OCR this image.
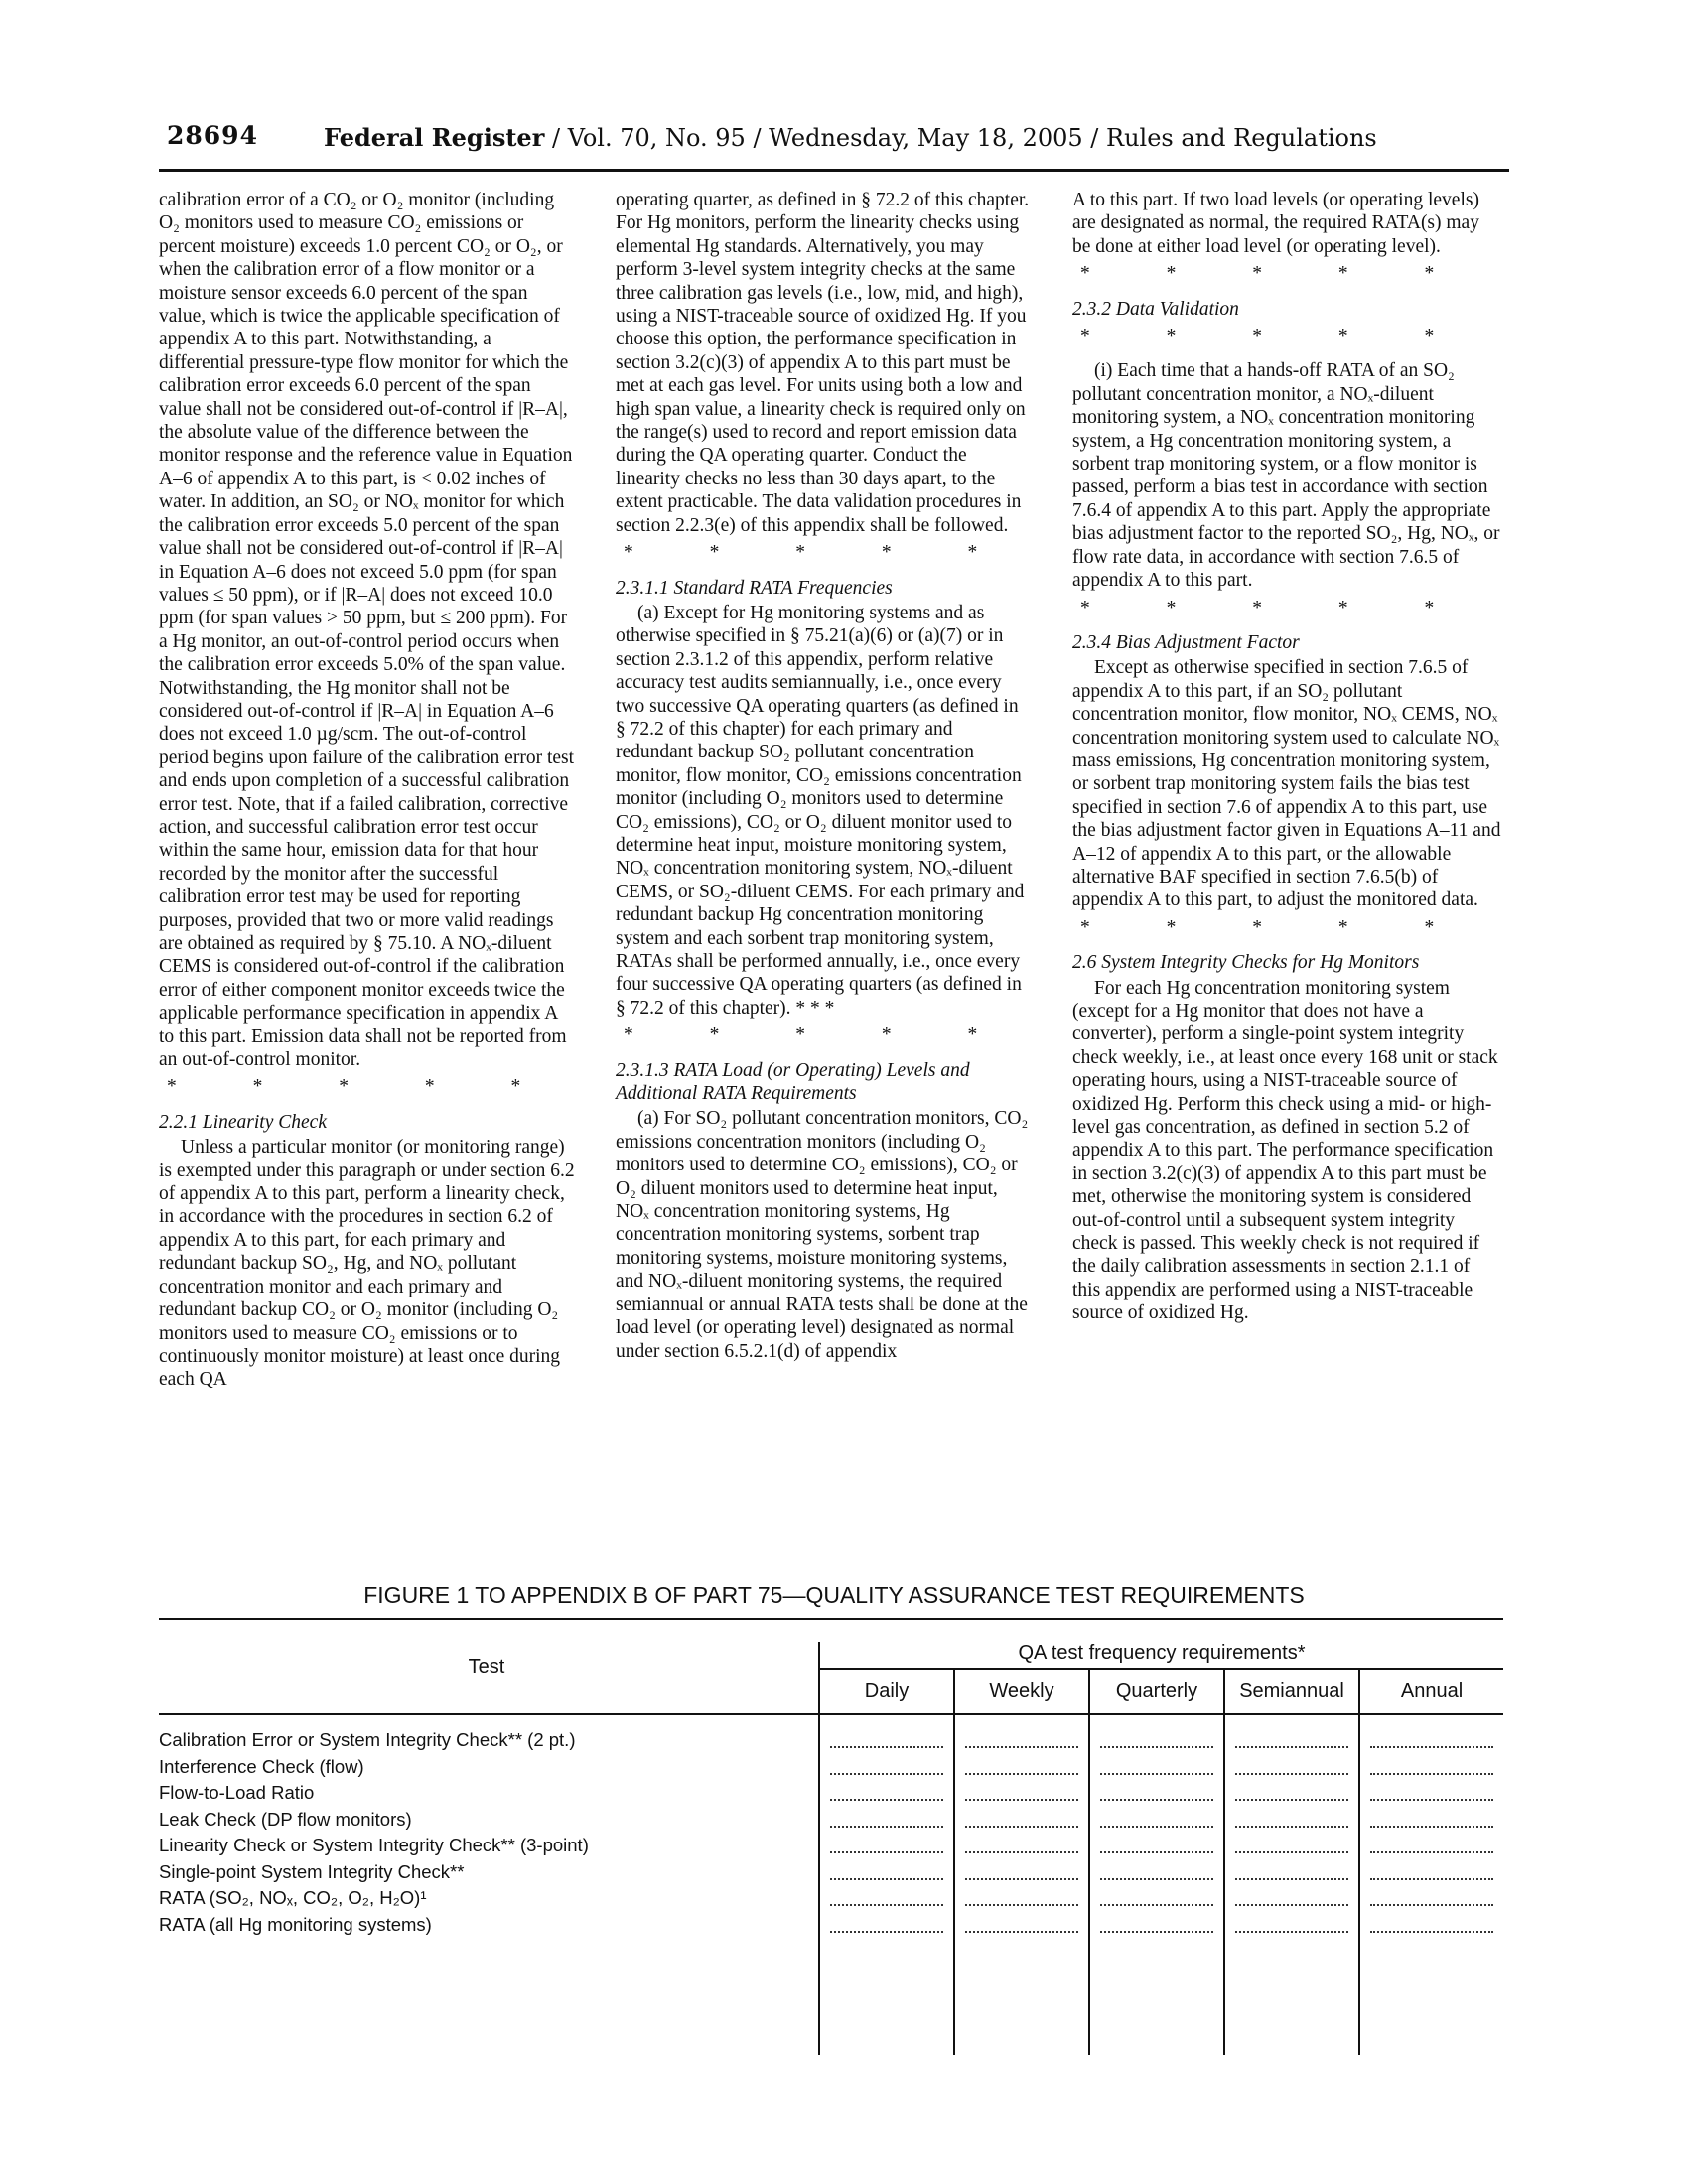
28694	Federal Register / Vol. 70, No. 95 / Wednesday, May 18, 2005 / Rules and Regulations

calibration error of a CO₂ or O₂ monitor (including O₂ monitors used to measure CO₂ emissions or percent moisture) exceeds 1.0 percent CO₂ or O₂, or when the calibration error of a flow monitor or a moisture sensor exceeds 6.0 percent of the span value, which is twice the applicable specification of appendix A to this part. Notwithstanding, a differential pressure-type flow monitor for which the calibration error exceeds 6.0 percent of the span value shall not be considered out-of-control if |R–A|, the absolute value of the difference between the monitor response and the reference value in Equation A–6 of appendix A to this part, is < 0.02 inches of water. In addition, an SO₂ or NOₓ monitor for which the calibration error exceeds 5.0 percent of the span value shall not be considered out-of-control if |R–A| in Equation A–6 does not exceed 5.0 ppm (for span values ≤ 50 ppm), or if |R–A| does not exceed 10.0 ppm (for span values > 50 ppm, but ≤ 200 ppm). For a Hg monitor, an out-of-control period occurs when the calibration error exceeds 5.0% of the span value. Notwithstanding, the Hg monitor shall not be considered out-of-control if |R–A| in Equation A–6 does not exceed 1.0 µg/scm. The out-of-control period begins upon failure of the calibration error test and ends upon completion of a successful calibration error test. Note, that if a failed calibration, corrective action, and successful calibration error test occur within the same hour, emission data for that hour recorded by the monitor after the successful calibration error test may be used for reporting purposes, provided that two or more valid readings are obtained as required by § 75.10. A NOₓ-diluent CEMS is considered out-of-control if the calibration error of either component monitor exceeds twice the applicable performance specification in appendix A to this part. Emission data shall not be reported from an out-of-control monitor.

* * * * *

2.2.1 Linearity Check

Unless a particular monitor (or monitoring range) is exempted under this paragraph or under section 6.2 of appendix A to this part, perform a linearity check, in accordance with the procedures in section 6.2 of appendix A to this part, for each primary and redundant backup SO₂, Hg, and NOₓ pollutant concentration monitor and each primary and redundant backup CO₂ or O₂ monitor (including O₂ monitors used to measure CO₂ emissions or to continuously monitor moisture) at least once during each QA

operating quarter, as defined in § 72.2 of this chapter. For Hg monitors, perform the linearity checks using elemental Hg standards. Alternatively, you may perform 3-level system integrity checks at the same three calibration gas levels (i.e., low, mid, and high), using a NIST-traceable source of oxidized Hg. If you choose this option, the performance specification in section 3.2(c)(3) of appendix A to this part must be met at each gas level. For units using both a low and high span value, a linearity check is required only on the range(s) used to record and report emission data during the QA operating quarter. Conduct the linearity checks no less than 30 days apart, to the extent practicable. The data validation procedures in section 2.2.3(e) of this appendix shall be followed.

* * * * *

2.3.1.1 Standard RATA Frequencies

(a) Except for Hg monitoring systems and as otherwise specified in § 75.21(a)(6) or (a)(7) or in section 2.3.1.2 of this appendix, perform relative accuracy test audits semiannually, i.e., once every two successive QA operating quarters (as defined in § 72.2 of this chapter) for each primary and redundant backup SO₂ pollutant concentration monitor, flow monitor, CO₂ emissions concentration monitor (including O₂ monitors used to determine CO₂ emissions), CO₂ or O₂ diluent monitor used to determine heat input, moisture monitoring system, NOₓ concentration monitoring system, NOₓ-diluent CEMS, or SO₂-diluent CEMS. For each primary and redundant backup Hg concentration monitoring system and each sorbent trap monitoring system, RATAs shall be performed annually, i.e., once every four successive QA operating quarters (as defined in § 72.2 of this chapter). * * *

* * * * *

2.3.1.3 RATA Load (or Operating) Levels and Additional RATA Requirements

(a) For SO₂ pollutant concentration monitors, CO₂ emissions concentration monitors (including O₂ monitors used to determine CO₂ emissions), CO₂ or O₂ diluent monitors used to determine heat input, NOₓ concentration monitoring systems, Hg concentration monitoring systems, sorbent trap monitoring systems, moisture monitoring systems, and NOₓ-diluent monitoring systems, the required semiannual or annual RATA tests shall be done at the load level (or operating level) designated as normal under section 6.5.2.1(d) of appendix

A to this part. If two load levels (or operating levels) are designated as normal, the required RATA(s) may be done at either load level (or operating level).

* * * * *

2.3.2 Data Validation

* * * * *

(i) Each time that a hands-off RATA of an SO₂ pollutant concentration monitor, a NOₓ-diluent monitoring system, a NOₓ concentration monitoring system, a Hg concentration monitoring system, a sorbent trap monitoring system, or a flow monitor is passed, perform a bias test in accordance with section 7.6.4 of appendix A to this part. Apply the appropriate bias adjustment factor to the reported SO₂, Hg, NOₓ, or flow rate data, in accordance with section 7.6.5 of appendix A to this part.

* * * * *

2.3.4 Bias Adjustment Factor

Except as otherwise specified in section 7.6.5 of appendix A to this part, if an SO₂ pollutant concentration monitor, flow monitor, NOₓ CEMS, NOₓ concentration monitoring system used to calculate NOₓ mass emissions, Hg concentration monitoring system, or sorbent trap monitoring system fails the bias test specified in section 7.6 of appendix A to this part, use the bias adjustment factor given in Equations A–11 and A–12 of appendix A to this part, or the allowable alternative BAF specified in section 7.6.5(b) of appendix A to this part, to adjust the monitored data.

* * * * *

2.6 System Integrity Checks for Hg Monitors

For each Hg concentration monitoring system (except for a Hg monitor that does not have a converter), perform a single-point system integrity check weekly, i.e., at least once every 168 unit or stack operating hours, using a NIST-traceable source of oxidized Hg. Perform this check using a mid- or high-level gas concentration, as defined in section 5.2 of appendix A to this part. The performance specification in section 3.2(c)(3) of appendix A to this part must be met, otherwise the monitoring system is considered out-of-control until a subsequent system integrity check is passed. This weekly check is not required if the daily calibration assessments in section 2.1.1 of this appendix are performed using a NIST-traceable source of oxidized Hg.

FIGURE 1 TO APPENDIX B OF PART 75—QUALITY ASSURANCE TEST REQUIREMENTS
Test
QA test frequency requirements*
Daily	Weekly	Quarterly	Semiannual	Annual
Calibration Error or System Integrity Check** (2 pt.)
Interference Check (flow)
Flow-to-Load Ratio
Leak Check (DP flow monitors)
Linearity Check or System Integrity Check** (3-point)
Single-point System Integrity Check**
RATA (SO₂, NOₓ, CO₂, O₂, H₂O)¹
RATA (all Hg monitoring systems)
